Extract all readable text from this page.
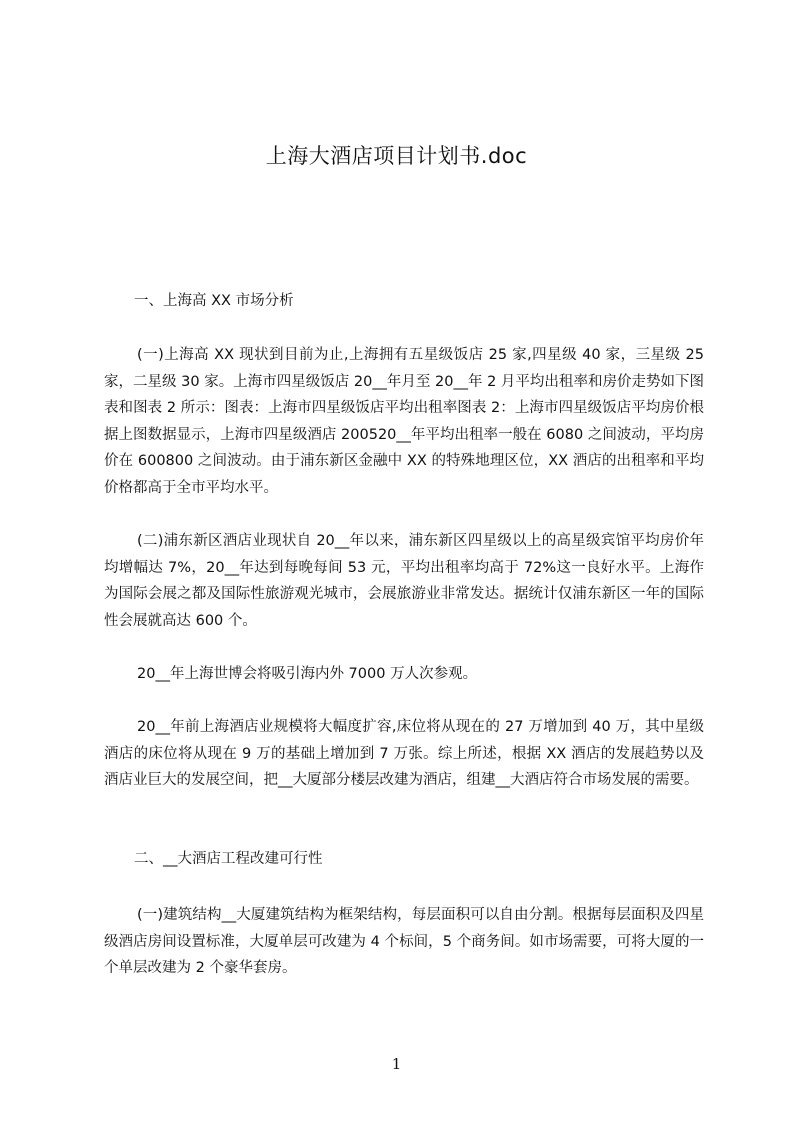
上海大酒店项目计划书.doc
一、上海高 XX 市场分析
(一)上海高 XX 现状到目前为止,上海拥有五星级饭店 25 家,四星级 40 家，三星级 25 家，二星级 30 家。上海市四星级饭店 20__年月至 20__年 2 月平均出租率和房价走势如下图表和图表 2 所示：图表：上海市四星级饭店平均出租率图表 2：上海市四星级饭店平均房价根据上图数据显示，上海市四星级酒店 200520__年平均出租率一般在 6080 之间波动，平均房价在 600800 之间波动。由于浦东新区金融中 XX 的特殊地理区位，XX 酒店的出租率和平均价格都高于全市平均水平。
(二)浦东新区酒店业现状自 20__年以来，浦东新区四星级以上的高星级宾馆平均房价年均增幅达 7%，20__年达到每晚每间 53 元，平均出租率均高于 72%这一良好水平。上海作为国际会展之都及国际性旅游观光城市，会展旅游业非常发达。据统计仅浦东新区一年的国际性会展就高达 600 个。
20__年上海世博会将吸引海内外 7000 万人次参观。
20__年前上海酒店业规模将大幅度扩容,床位将从现在的 27 万增加到 40 万，其中星级酒店的床位将从现在 9 万的基础上增加到 7 万张。综上所述，根据 XX 酒店的发展趋势以及酒店业巨大的发展空间，把__大厦部分楼层改建为酒店，组建__大酒店符合市场发展的需要。
二、__大酒店工程改建可行性
(一)建筑结构__大厦建筑结构为框架结构，每层面积可以自由分割。根据每层面积及四星级酒店房间设置标准，大厦单层可改建为 4 个标间，5 个商务间。如市场需要，可将大厦的一个单层改建为 2 个豪华套房。
1
